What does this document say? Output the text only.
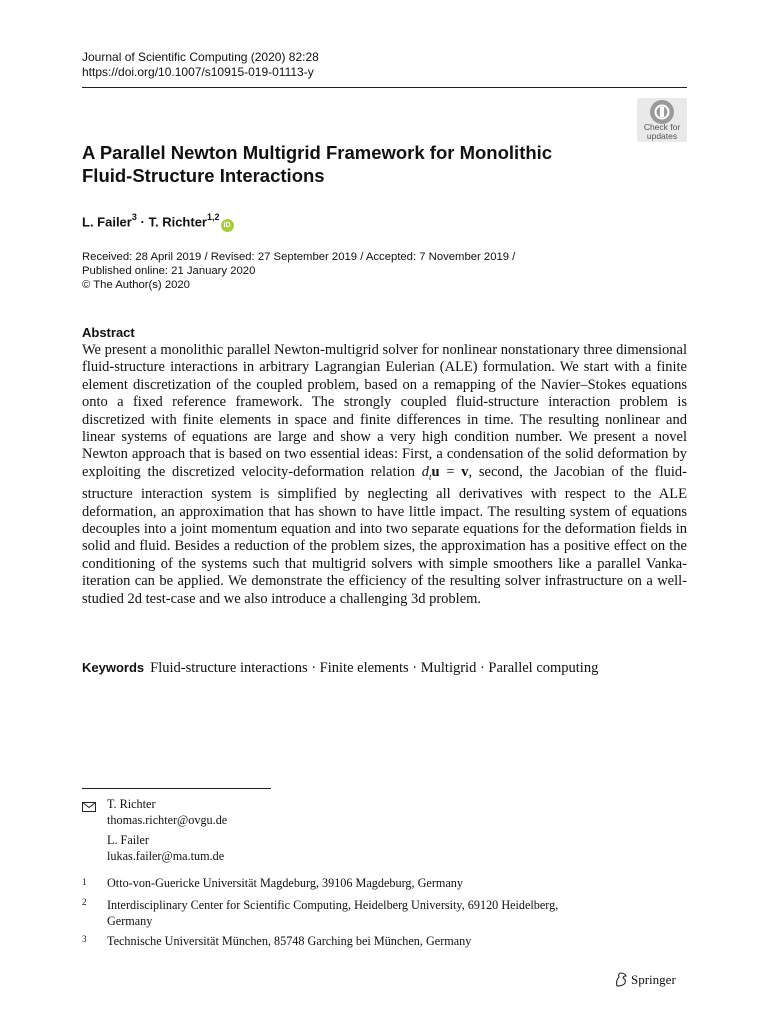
Journal of Scientific Computing (2020) 82:28
https://doi.org/10.1007/s10915-019-01113-y
Check for
updates
A Parallel Newton Multigrid Framework for Monolithic
Fluid-Structure Interactions
L. Failer$^3$ · T. Richter$^{1,2}$iD
Received: 28 April 2019 / Revised: 27 September 2019 / Accepted: 7 November 2019 /
Published online: 21 January 2020
© The Author(s) 2020
Abstract
We present a monolithic parallel Newton-multigrid solver for nonlinear nonstationary three dimensional fluid-structure interactions in arbitrary Lagrangian Eulerian (ALE) formulation. We start with a finite element discretization of the coupled problem, based on a remapping of the Navier–Stokes equations onto a fixed reference framework. The strongly coupled fluid-structure interaction problem is discretized with finite elements in space and finite differences in time. The resulting nonlinear and linear systems of equations are large and show a very high condition number. We present a novel Newton approach that is based on two essential ideas: First, a condensation of the solid deformation by exploiting the discretized velocity-deformation relation $d_tu = v$, second, the Jacobian of the fluid-structure interaction system is simplified by neglecting all derivatives with respect to the ALE deformation, an approximation that has shown to have little impact. The resulting system of equations decouples into a joint momentum equation and into two separate equations for the deformation fields in solid and fluid. Besides a reduction of the problem sizes, the approximation has a positive effect on the conditioning of the systems such that multigrid solvers with simple smoothers like a parallel Vanka-iteration can be applied. We demonstrate the efficiency of the resulting solver infrastructure on a well-studied 2d test-case and we also introduce a challenging 3d problem.
Keywords Fluid-structure interactions · Finite elements · Multigrid · Parallel computing
T. Richter
thomas.richter@ovgu.de
L. Failer
lukas.failer@ma.tum.de
1 Otto-von-Guericke Universität Magdeburg, 39106 Magdeburg, Germany
2 Interdisciplinary Center for Scientific Computing, Heidelberg University, 69120 Heidelberg,
Germany
3 Technische Universität München, 85748 Garching bei München, Germany
Springer
